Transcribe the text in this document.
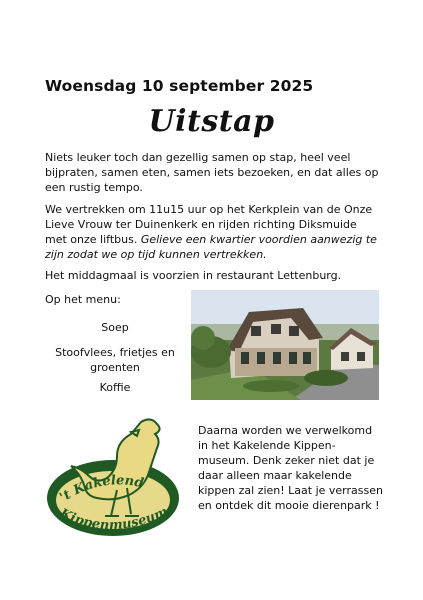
Woensdag 10 september 2025
Uitstap
Niets leuker toch dan gezellig samen op stap, heel veel bijpraten, samen eten, samen iets bezoeken, en dat alles op een rustig tempo.
We vertrekken om 11u15 uur op het Kerkplein van de Onze Lieve Vrouw ter Duinenkerk en rijden richting Diksmuide met onze liftbus. Gelieve een kwartier voordien aanwezig te zijn zodat we op tijd kunnen vertrekken.
Het middagmaal is voorzien in restaurant Lettenburg.
Op het menu:
Soep
Stoofvlees, frietjes en groenten
Koffie
't Kakelend
Kippenmuseum
Daarna worden we verwelkomd in het Kakelende Kippen-museum. Denk zeker niet dat je daar alleen maar kakelende kippen zal zien! Laat je verrassen en ontdek dit mooie dierenpark !
